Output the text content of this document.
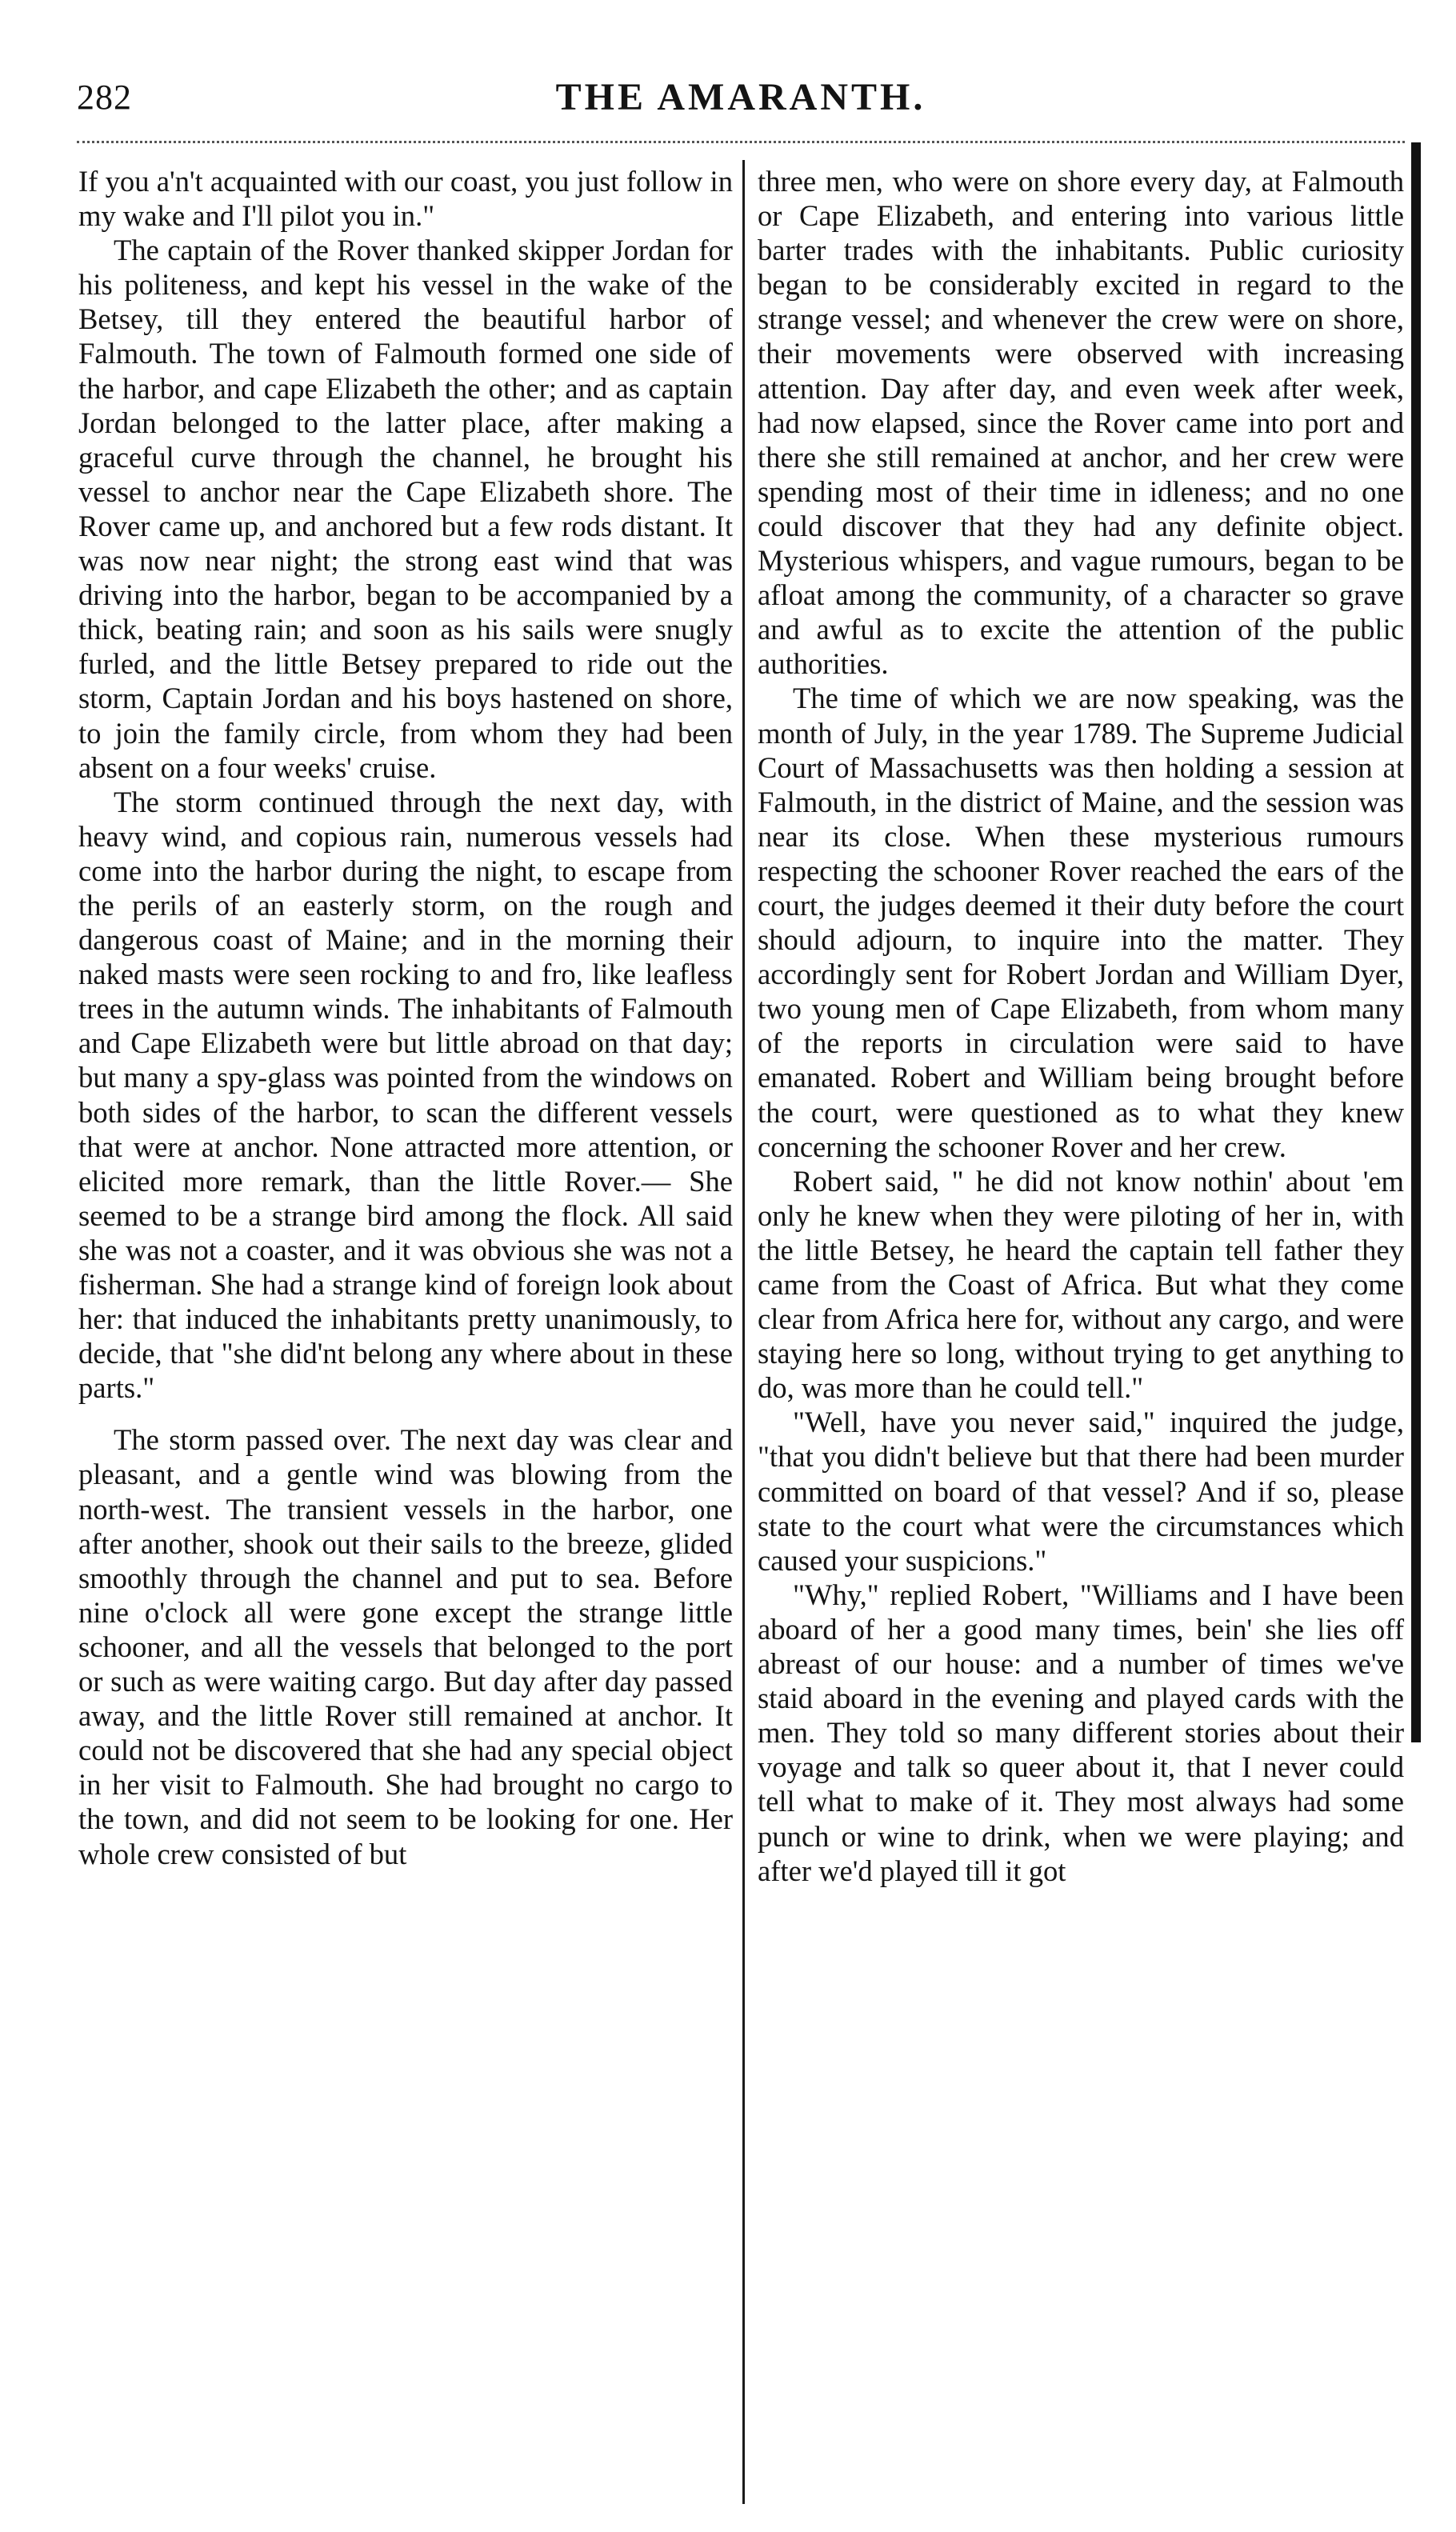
282	THE AMARANTH.

If you a'n't acquainted with our coast, you just follow in my wake and I'll pilot you in."

The captain of the Rover thanked skipper Jordan for his politeness, and kept his vessel in the wake of the Betsey, till they entered the beautiful harbor of Falmouth. The town of Falmouth formed one side of the harbor, and cape Elizabeth the other; and as captain Jordan belonged to the latter place, after making a graceful curve through the channel, he brought his vessel to anchor near the Cape Elizabeth shore. The Rover came up, and anchored but a few rods distant. It was now near night; the strong east wind that was driving into the harbor, began to be accompanied by a thick, beating rain; and soon as his sails were snugly furled, and the little Betsey prepared to ride out the storm, Captain Jordan and his boys hastened on shore, to join the family circle, from whom they had been absent on a four weeks' cruise.

The storm continued through the next day, with heavy wind, and copious rain, numerous vessels had come into the harbor during the night, to escape from the perils of an easterly storm, on the rough and dangerous coast of Maine; and in the morning their naked masts were seen rocking to and fro, like leafless trees in the autumn winds. The inhabitants of Falmouth and Cape Elizabeth were but little abroad on that day; but many a spy-glass was pointed from the windows on both sides of the harbor, to scan the different vessels that were at anchor. None attracted more attention, or elicited more remark, than the little Rover.— She seemed to be a strange bird among the flock. All said she was not a coaster, and it was obvious she was not a fisherman. She had a strange kind of foreign look about her: that induced the inhabitants pretty unanimously, to decide, that "she did'nt belong any where about in these parts."

The storm passed over. The next day was clear and pleasant, and a gentle wind was blowing from the north-west. The transient vessels in the harbor, one after another, shook out their sails to the breeze, glided smoothly through the channel and put to sea. Before nine o'clock all were gone except the strange little schooner, and all the vessels that belonged to the port or such as were waiting cargo. But day after day passed away, and the little Rover still remained at anchor. It could not be discovered that she had any special object in her visit to Falmouth. She had brought no cargo to the town, and did not seem to be looking for one. Her whole crew consisted of but

three men, who were on shore every day, at Falmouth or Cape Elizabeth, and entering into various little barter trades with the inhabitants. Public curiosity began to be considerably excited in regard to the strange vessel; and whenever the crew were on shore, their movements were observed with increasing attention. Day after day, and even week after week, had now elapsed, since the Rover came into port and there she still remained at anchor, and her crew were spending most of their time in idleness; and no one could discover that they had any definite object. Mysterious whispers, and vague rumours, began to be afloat among the community, of a character so grave and awful as to excite the attention of the public authorities.

The time of which we are now speaking, was the month of July, in the year 1789. The Supreme Judicial Court of Massachusetts was then holding a session at Falmouth, in the district of Maine, and the session was near its close. When these mysterious rumours respecting the schooner Rover reached the ears of the court, the judges deemed it their duty before the court should adjourn, to inquire into the matter. They accordingly sent for Robert Jordan and William Dyer, two young men of Cape Elizabeth, from whom many of the reports in circulation were said to have emanated. Robert and William being brought before the court, were questioned as to what they knew concerning the schooner Rover and her crew.

Robert said, " he did not know nothin' about 'em only he knew when they were piloting of her in, with the little Betsey, he heard the captain tell father they came from the Coast of Africa. But what they come clear from Africa here for, without any cargo, and were staying here so long, without trying to get anything to do, was more than he could tell."

"Well, have you never said," inquired the judge, "that you didn't believe but that there had been murder committed on board of that vessel? And if so, please state to the court what were the circumstances which caused your suspicions."

"Why," replied Robert, "Williams and I have been aboard of her a good many times, bein' she lies off abreast of our house: and a number of times we've staid aboard in the evening and played cards with the men. They told so many different stories about their voyage and talk so queer about it, that I never could tell what to make of it. They most always had some punch or wine to drink, when we were playing; and after we'd played till it got
